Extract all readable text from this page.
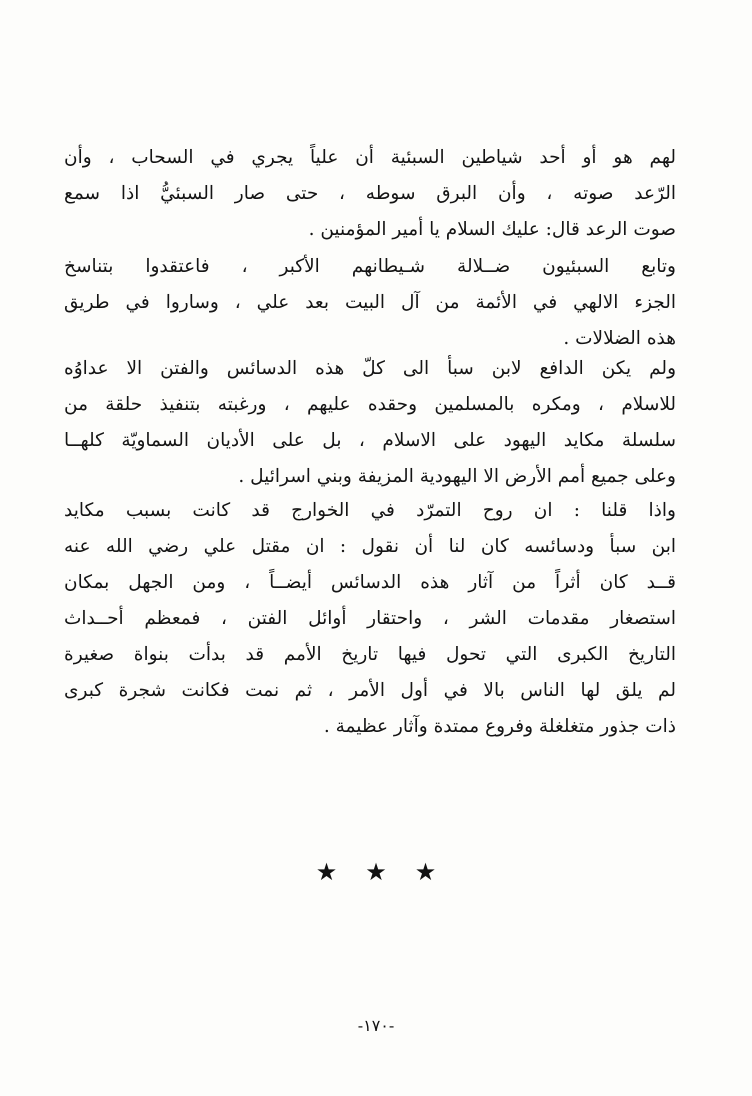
لهم هو أو أحد شياطين السبئية أن علياً يجري في السحاب ، وأن
الرّعد صوته ، وأن البرق سوطه ، حتى صار السبئيُّ اذا سمع
صوت الرعد قال: عليك السلام يا أمير المؤمنين .
وتابع السبئيون ضــلالة شـيطانهم الأكبر ، فاعتقدوا بتناسخ
الجزء الالهي في الأئمة من آل البيت بعد علي ، وساروا في طريق
هذه الضلالات .
ولم يكن الدافع لابن سبأ الى كلّ هذه الدسائس والفتن الا عداوُه
للاسلام ، ومكره بالمسلمين وحقده عليهم ، ورغبته بتنفيذ حلقة من
سلسلة مكايد اليهود على الاسلام ، بل على الأديان السماويّة كلهــا
وعلى جميع أمم الأرض الا اليهودية المزيفة وبني اسرائيل .
واذا قلنا : ان روح التمرّد في الخوارج قد كانت بسبب مكايد
ابن سبأ ودسائسه كان لنا أن نقول : ان مقتل علي رضي الله عنه
قــد كان أثراً من آثار هذه الدسائس أيضــاً ، ومن الجهل بمكان
استصغار مقدمات الشر ، واحتقار أوائل الفتن ، فمعظم أحــداث
التاريخ الكبرى التي تحول فيها تاريخ الأمم قد بدأت بنواة صغيرة
لم يلق لها الناس بالا في أول الأمر ، ثم نمت فكانت شجرة كبرى
ذات جذور متغلغلة وفروع ممتدة وآثار عظيمة .
★★★
-١٧٠-
